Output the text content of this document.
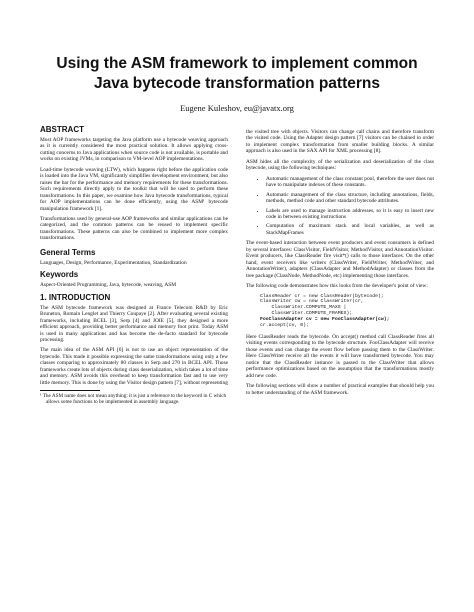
Using the ASM framework to implement common Java bytecode transformation patterns
Eugene Kuleshov, eu@javatx.org
ABSTRACT

Most AOP frameworks targeting the Java platform use a bytecode weaving approach as it is currently considered the most practical solution. It allows applying cross-cutting concerns to Java applications when source code is not available, is portable and works on existing JVMs, in comparison to VM-level AOP implementations.

Load-time bytecode weaving (LTW), which happens right before the application code is loaded into the Java VM, significantly simplifies development environment, but also raises the bar for the performance and memory requirements for these transformations. Such requirements directly apply to the toolkit that will be used to perform these transformations. In this paper, we examine how Java bytecode transformations, typical for AOP implementations can be done efficiently, using the ASM¹ bytecode manipulation framework [1].

Transformations used by general-use AOP frameworks and similar applications can be categorized, and the common patterns can be reused to implement specific transformations. These patterns can also be combined to implement more complex transformations.

General Terms

Languages, Design, Performance, Experimentation, Standardization

Keywords

Aspect-Oriented Programming, Java, bytecode, weaving, ASM

1. INTRODUCTION

The ASM bytecode framework was designed at France Telecom R&D by Eric Bruneton, Romain Lenglet and Thierry Coupaye [2]. After evaluating several existing frameworks, including BCEL [3], Serp [4] and JOIE [5], they designed a more efficient approach, providing better performance and memory foot print. Today ASM is used in many applications and has become the de-facto standard for bytecode processing.

The main idea of the ASM API [6] is not to use an object representation of the bytecode. This made it possible expressing the same transformations using only a few classes comparing to approximately 80 classes in Serp and 270 in BCEL API. Those frameworks create lots of objects during class deserialization, which takes a lot of time and memory. ASM avoids this overhead to keep transformation fast and to use very little memory. This is done by using the Visitor design pattern [7], without representing

¹ The ASM name does not mean anything: it is just a reference to the keyword in C which allows some functions to be implemented in assembly language.

the visited tree with objects. Visitors can change call chains and therefore transform the visited code. Using the Adapter design pattern [7] visitors can be chained in order to implement complex transformation from smaller building blocks. A similar approach is also used in the SAX API for XML processing [8].

ASM hides all the complexity of the serialization and deserialization of the class bytecode, using the following techniques:

• Automatic management of the class constant pool, therefore the user does not have to manipulate indexes of these constants.
• Automatic management of the class structure, including annotations, fields, methods, method code and other standard bytecode attributes.
• Labels are used to manage instruction addresses, so it is easy to insert new code in between existing instructions
• Computation of maximum stack and local variables, as well as StackMapFrames

The event-based interaction between event producers and event consumers is defined by several interfaces: ClassVisitor, FieldVisitor, MethodVisitor, and AnnotationVisitor. Event producers, like ClassReader fire visit*() calls to those interfaces. On the other hand, event receivers like writers (ClassWriter, FieldWriter, MethodWriter, and AnnotationWriter), adapters (ClassAdapter and MethodAdapter) or classes from the tree package (ClassNode, MethodNode, etc) implementing those interfaces.

The following code demonstrates how this looks from the developer's point of view:

ClassReader cr = new ClassReader(bytecode);
ClassWriter cw = new ClassWriter(cr,
ClassWriter.COMPUTE_MAXS |
ClassWriter.COMPUTE_FRAMES);
FooClassAdapter cv = new FooClassAdapter(cw);
cr.accept(cv, 0);

Here ClassReader reads the bytecode. On accept() method call ClassReader fires all visiting events corresponding to the bytecode structure. FooClassAdapter will receive those events and can change the event flow before passing them to the ClassWriter. Here ClassWriter receive all the events it will have transformed bytecode. You may notice that the ClassReader instance is passed to the ClassWriter that allows performance optimizations based on the assumption that the transformations mostly add new code.

The following sections will show a number of practical examples that should help you to better understanding of the ASM framework.
